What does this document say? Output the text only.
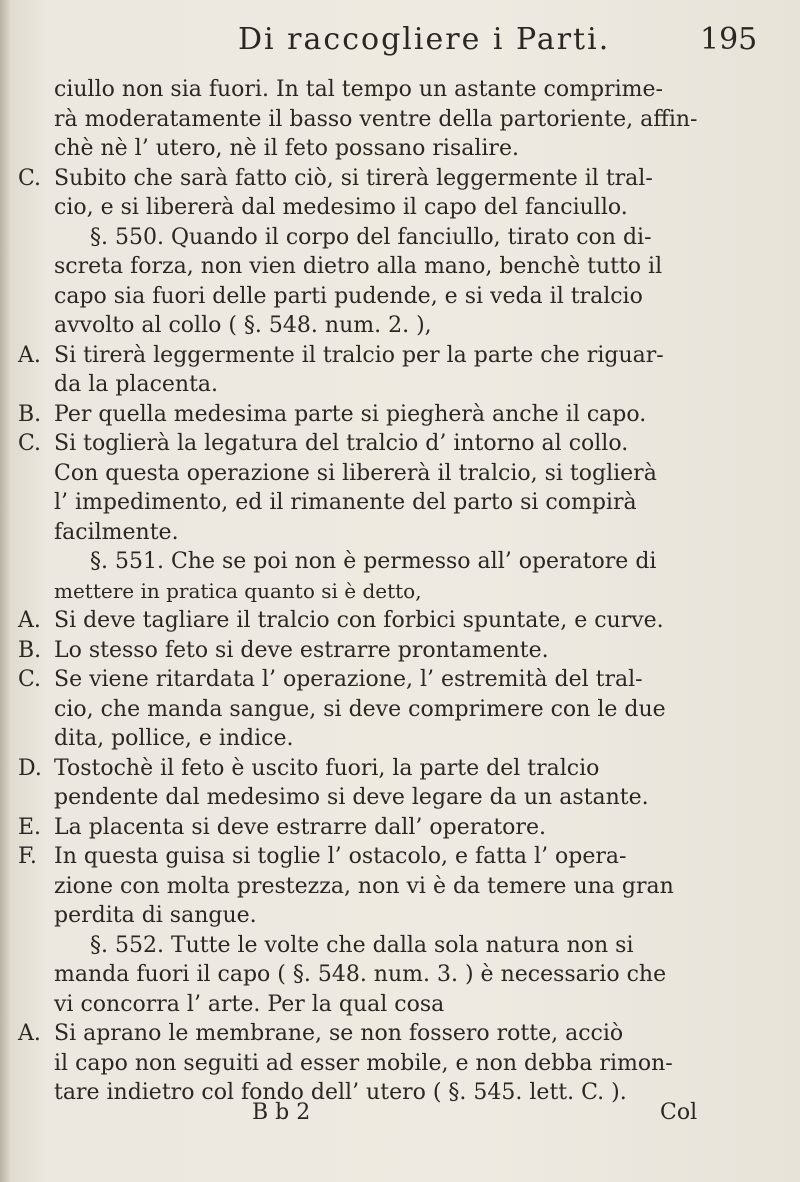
Di raccogliere i Parti.	195
ciullo non sia fuori. In tal tempo un astante comprime-
rà moderatamente il basso ventre della partoriente, affin-
chè nè l’ utero, nè il feto possano risalire.
C. Subito che sarà fatto ciò, si tirerà leggermente il tral-
cio, e si libererà dal medesimo il capo del fanciullo.
§. 550. Quando il corpo del fanciullo, tirato con di-
screta forza, non vien dietro alla mano, benchè tutto il
capo sia fuori delle parti pudende, e si veda il tralcio
avvolto al collo ( §. 548. num. 2. ),
A. Si tirerà leggermente il tralcio per la parte che riguar-
da la placenta.
B. Per quella medesima parte si piegherà anche il capo.
C. Si toglierà la legatura del tralcio d’ intorno al collo.
Con questa operazione si libererà il tralcio, si toglierà
l’ impedimento, ed il rimanente del parto si compirà
facilmente.
§. 551. Che se poi non è permesso all’ operatore di
mettere in pratica quanto si è detto,
A. Si deve tagliare il tralcio con forbici spuntate, e curve.
B. Lo stesso feto si deve estrarre prontamente.
C. Se viene ritardata l’ operazione, l’ estremità del tral-
cio, che manda sangue, si deve comprimere con le due
dita, pollice, e indice.
D. Tostochè il feto è uscito fuori, la parte del tralcio
pendente dal medesimo si deve legare da un astante.
E. La placenta si deve estrarre dall’ operatore.
F. In questa guisa si toglie l’ ostacolo, e fatta l’ opera-
zione con molta prestezza, non vi è da temere una gran
perdita di sangue.
§. 552. Tutte le volte che dalla sola natura non si
manda fuori il capo ( §. 548. num. 3. ) è necessario che
vi concorra l’ arte. Per la qual cosa
A. Si aprano le membrane, se non fossero rotte, acciò
il capo non seguiti ad esser mobile, e non debba rimon-
tare indietro col fondo dell’ utero ( §. 545. lett. C. ).
B b 2	Col
